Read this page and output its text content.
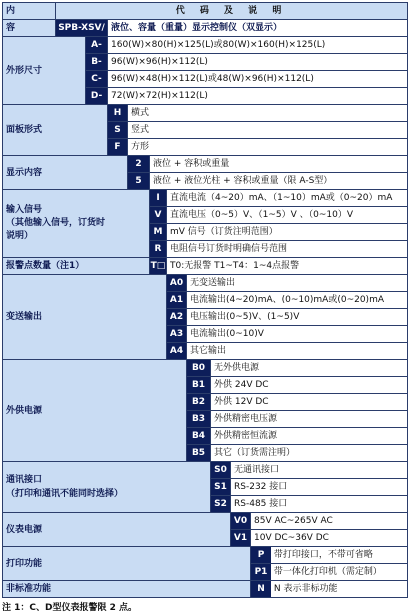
内	代 码 及 说 明									
容	SPB-XSV/		液位、容量（重量）显示控制仪（双显示）							
外形尺寸		A-	160(W)×80(H)×125(L)或80(W)×160(H)×125(L)							
		B-	96(W)×96(H)×112(L)							
		C-	96(W)×48(H)×112(L)或48(W)×96(H)×112(L)							
		D-	72(W)×72(H)×112(L)							
面板形式			H	横式						
			S	竖式						
			F	方形						
显示内容				2	液位 + 容积或重量					
				5	液位 + 液位光柱 + 容积或重量（限 A-S型）					

输入信号
（其他输入信号，订货时
说明）					I	直流电流（4~20）mA、（1~10）mA或（0~20）mA				
					V	直流电压（0~5）V、（1~5）V 、（0~10）V				
					M	mV 信号（订货注明范围）				
					R	电阻信号订货时明确信号范围				
报警点数量（注1）					T□	T0:无报警 T1~T4：1~4点报警				
变送输出						A0	无变送输出			
						A1	电流输出(4~20)mA、(0~10)mA或(0~20)mA			
						A2	电压输出(0~5)V、(1~5)V			
						A3	电流输出(0~10)V			
						A4	其它输出			
外供电源							B0	无外供电源		
							B1	外供 24V DC		
							B2	外供 12V DC		
							B3	外供精密电压源		
							B4	外供精密恒流源		
							B5	其它（订货需注明）		

通讯接口
（打印和通讯不能同时选择）								S0	无通讯接口	
								S1	RS-232 接口	
								S2	RS-485 接口	
仪表电源									V0	85V AC~265V AC
									V1	10V DC~36V DC
打印功能										P 带打印接口，不带可省略
										P1 带一体化打印机（需定制）
非标准功能										N N 表示非标功能
注 1：C、D型仪表报警限 2 点。
